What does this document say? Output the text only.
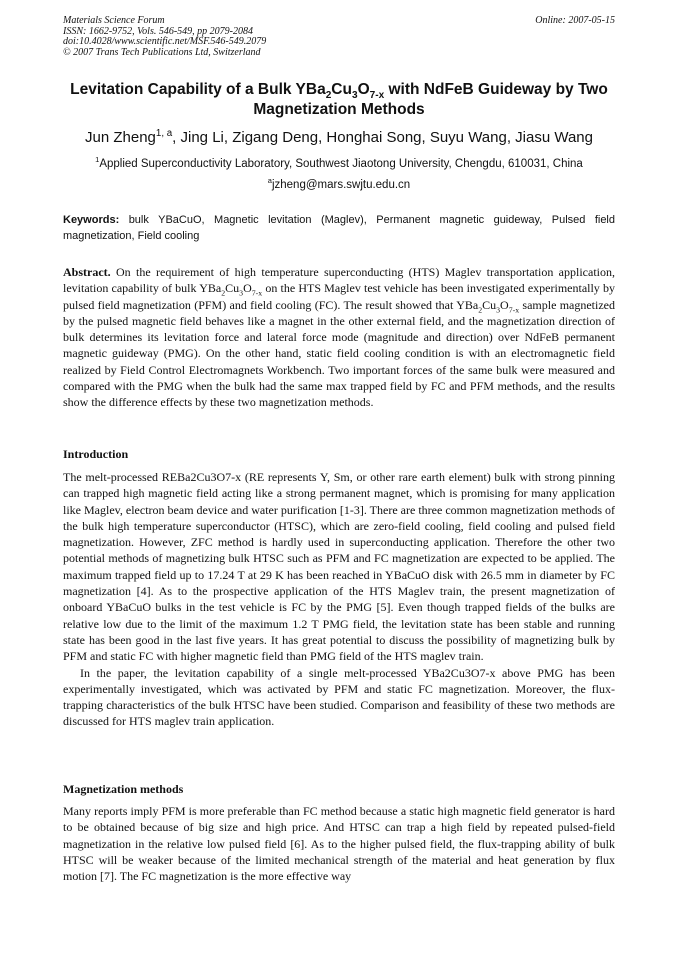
Materials Science Forum
ISSN: 1662-9752, Vols. 546-549, pp 2079-2084
doi:10.4028/www.scientific.net/MSF.546-549.2079
© 2007 Trans Tech Publications Ltd, Switzerland
Online: 2007-05-15
Levitation Capability of a Bulk $YBa_2Cu_3O_{7-x}$ with NdFeB Guideway by Two Magnetization Methods
Jun Zheng$^{1, a}$, Jing Li, Zigang Deng, Honghai Song, Suyu Wang, Jiasu Wang
$^1$Applied Superconductivity Laboratory, Southwest Jiaotong University, Chengdu, 610031, China
$^a$jzheng@mars.swjtu.edu.cn
Keywords: bulk YBaCuO, Magnetic levitation (Maglev), Permanent magnetic guideway, Pulsed field magnetization, Field cooling
Abstract. On the requirement of high temperature superconducting (HTS) Maglev transportation application, levitation capability of bulk $YBa_2Cu_3O_{7-x}$ on the HTS Maglev test vehicle has been investigated experimentally by pulsed field magnetization (PFM) and field cooling (FC). The result showed that $YBa_2Cu_3O_{7-x}$ sample magnetized by the pulsed magnetic field behaves like a magnet in the other external field, and the magnetization direction of bulk determines its levitation force and lateral force mode (magnitude and direction) over NdFeB permanent magnetic guideway (PMG). On the other hand, static field cooling condition is with an electromagnetic field realized by Field Control Electromagnets Workbench. Two important forces of the same bulk were measured and compared with the PMG when the bulk had the same max trapped field by FC and PFM methods, and the results show the difference effects by these two magnetization methods.
Introduction

The melt-processed REBa2Cu3O7-x (RE represents Y, Sm, or other rare earth element) bulk with strong pinning can trapped high magnetic field acting like a strong permanent magnet, which is promising for many application like Maglev, electron beam device and water purification [1-3]. There are three common magnetization methods of the bulk high temperature superconductor (HTSC), which are zero-field cooling, field cooling and pulsed field magnetization. However, ZFC method is hardly used in superconducting application. Therefore the other two potential methods of magnetizing bulk HTSC such as PFM and FC magnetization are expected to be applied. The maximum trapped field up to 17.24 T at 29 K has been reached in YBaCuO disk with 26.5 mm in diameter by FC magnetization [4]. As to the prospective application of the HTS Maglev train, the present magnetization of onboard YBaCuO bulks in the test vehicle is FC by the PMG [5]. Even though trapped fields of the bulks are relative low due to the limit of the maximum 1.2 T PMG field, the levitation state has been stable and running state has been good in the last five years. It has great potential to discuss the possibility of magnetizing bulk by PFM and static FC with higher magnetic field than PMG field of the HTS maglev train.

In the paper, the levitation capability of a single melt-processed YBa2Cu3O7-x above PMG has been experimentally investigated, which was activated by PFM and static FC magnetization. Moreover, the flux-trapping characteristics of the bulk HTSC have been studied. Comparison and feasibility of these two methods are discussed for HTS maglev train application.

Magnetization methods

Many reports imply PFM is more preferable than FC method because a static high magnetic field generator is hard to be obtained because of big size and high price. And HTSC can trap a high field by repeated pulsed-field magnetization in the relative low pulsed field [6]. As to the higher pulsed field, the flux-trapping ability of bulk HTSC will be weaker because of the limited mechanical strength of the material and heat generation by flux motion [7]. The FC magnetization is the more effective way
